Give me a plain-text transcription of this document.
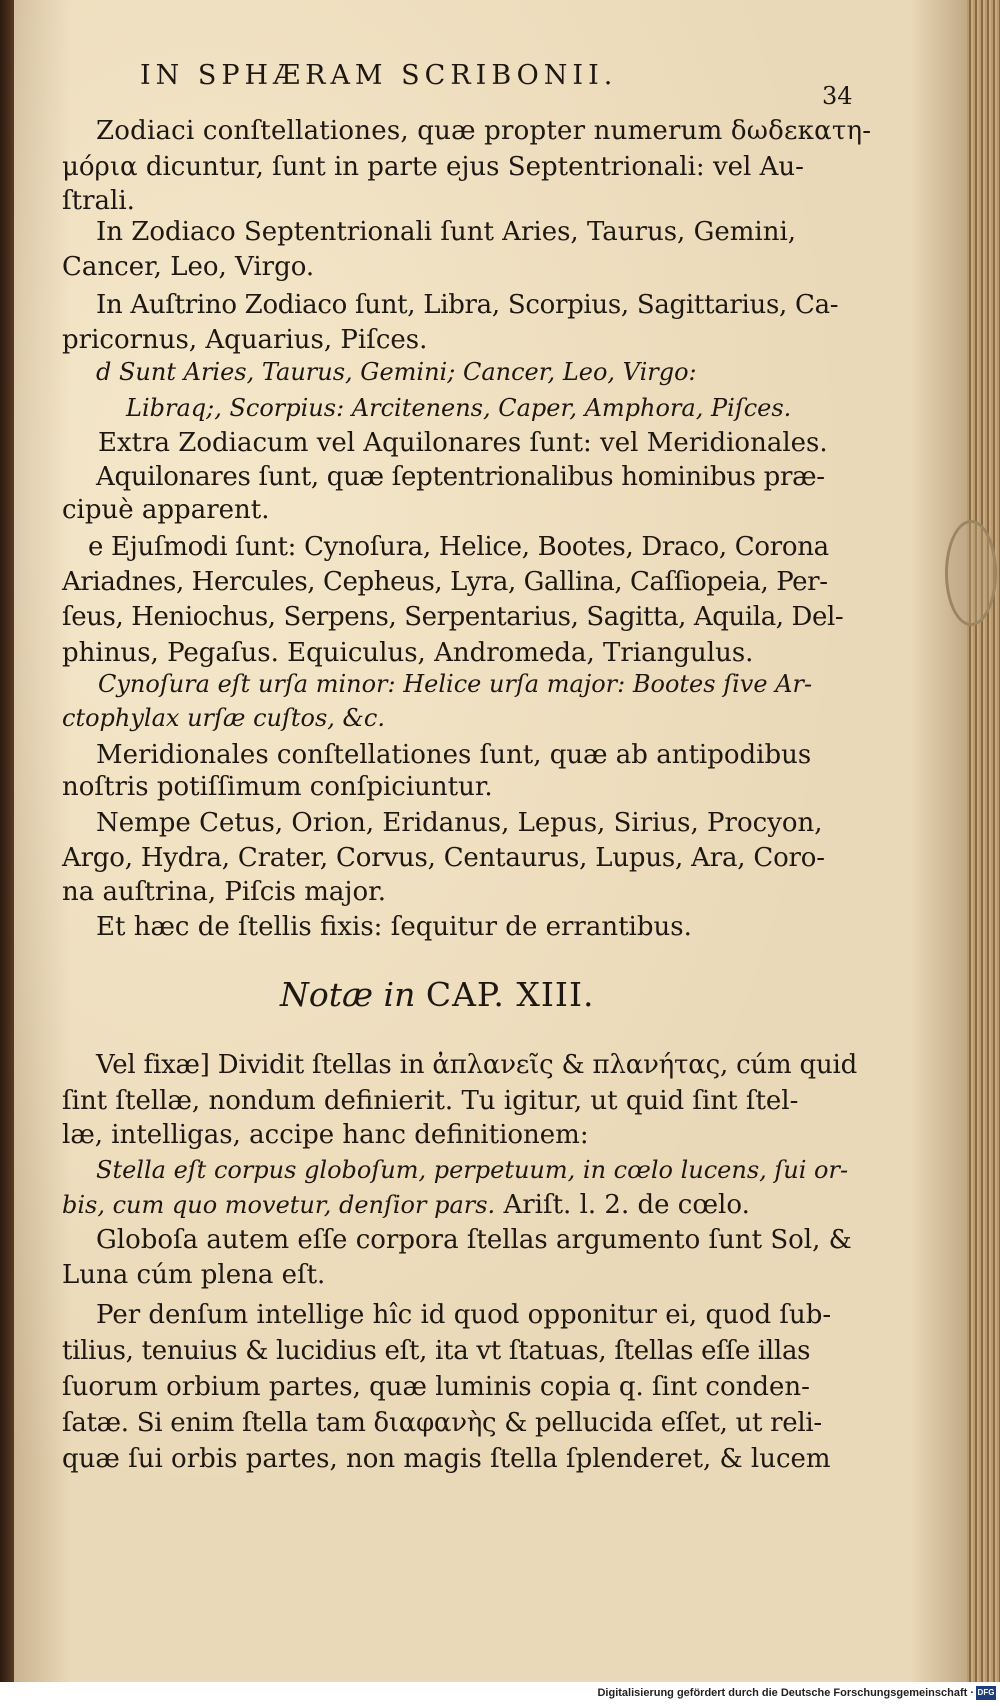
IN SPHÆRAM SCRIBONII.
34
Zodiaci conſtellationes, quæ propter numerum δωδεκατη-
μόρια dicuntur, ſunt in parte ejus Septentrionali: vel Au-
ſtrali.
In Zodiaco Septentrionali ſunt Aries, Taurus, Gemini,
Cancer, Leo, Virgo.
In Auſtrino Zodiaco ſunt, Libra, Scorpius, Sagittarius, Ca-
pricornus, Aquarius, Piſces.
d Sunt Aries, Taurus, Gemini; Cancer, Leo, Virgo:
Libraq;, Scorpius: Arcitenens, Caper, Amphora, Piſces.
Extra Zodiacum vel Aquilonares ſunt: vel Meridionales.
Aquilonares ſunt, quæ ſeptentrionalibus hominibus præ-
cipuè apparent.
e Ejuſmodi ſunt: Cynoſura, Helice, Bootes, Draco, Corona
Ariadnes, Hercules, Cepheus, Lyra, Gallina, Caſſiopeia, Per-
ſeus, Heniochus, Serpens, Serpentarius, Sagitta, Aquila, Del-
phinus, Pegaſus. Equiculus, Andromeda, Triangulus.
Cynoſura eſt urſa minor: Helice urſa major: Bootes ſive Ar-
ctophylax urſæ cuſtos, &c.
Meridionales conſtellationes ſunt, quæ ab antipodibus
noſtris potiſſimum conſpiciuntur.
Nempe Cetus, Orion, Eridanus, Lepus, Sirius, Procyon,
Argo, Hydra, Crater, Corvus, Centaurus, Lupus, Ara, Coro-
na auſtrina, Piſcis major.
Et hæc de ſtellis fixis: ſequitur de errantibus.
Notæ in CAP. XIII.
Vel fixæ] Dividit ſtellas in ἀπλανεῖς & πλανήτας, cúm quid
ſint ſtellæ, nondum definierit. Tu igitur, ut quid ſint ſtel-
læ, intelligas, accipe hanc definitionem:
Stella eſt corpus globoſum, perpetuum, in cœlo lucens, ſui or-
bis, cum quo movetur, denſior pars. Ariſt. l. 2. de cœlo.
Globoſa autem eſſe corpora ſtellas argumento ſunt Sol, &
Luna cúm plena eſt.
Per denſum intellige hîc id quod opponitur ei, quod ſub-
tilius, tenuius & lucidius eſt, ita vt ſtatuas, ſtellas eſſe illas
ſuorum orbium partes, quæ luminis copia q. ſint conden-
ſatæ. Si enim ſtella tam διαφανὴς & pellucida eſſet, ut reli-
quæ ſui orbis partes, non magis ſtella ſplenderet, & lucem
Digitalisierung gefördert durch die Deutsche Forschungsgemeinschaft · DFG
